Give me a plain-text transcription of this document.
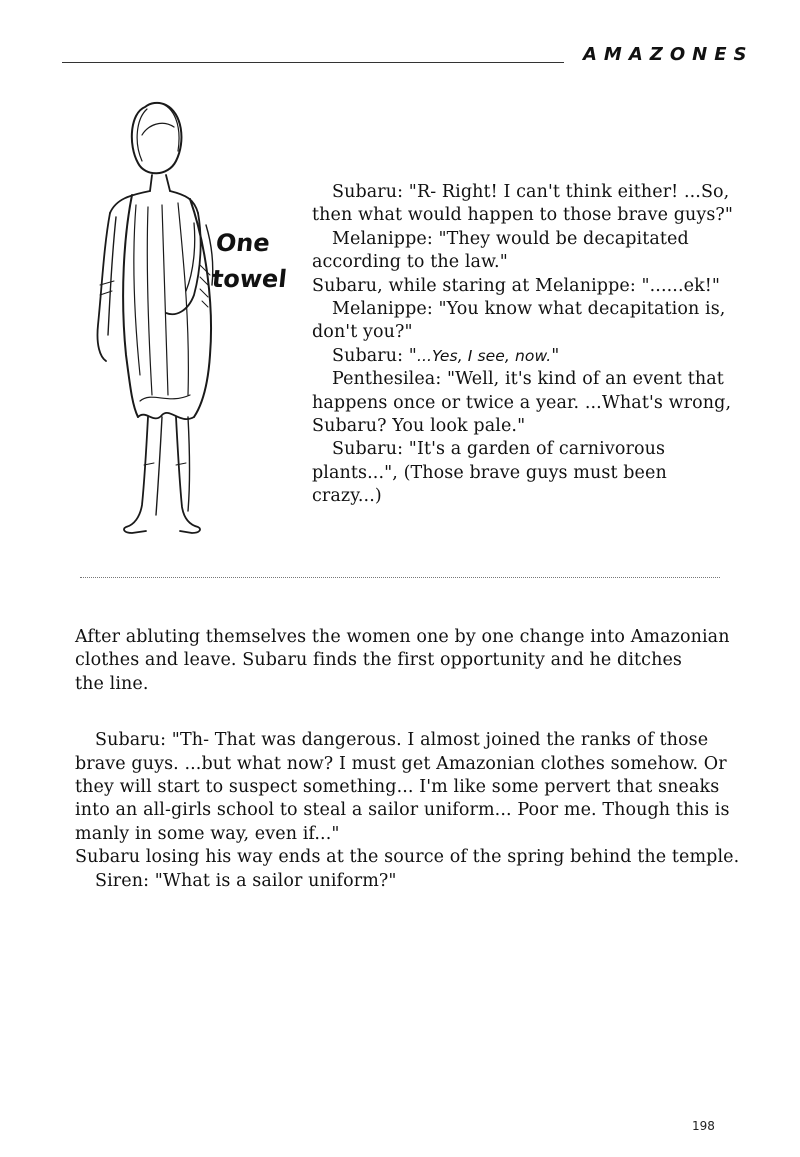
AMAZONES
One
towel

Subaru: "R- Right! I can't think either! ...So,

then what would happen to those brave guys?"

Melanippe: "They would be decapitated

according to the law."

Subaru, while staring at Melanippe: "......ek!"

Melanippe: "You know what decapitation is,

don't you?"

Subaru: "...Yes, I see, now."

Penthesilea: "Well, it's kind of an event that

happens once or twice a year. ...What's wrong,

Subaru? You look pale."

Subaru: "It's a garden of carnivorous

plants...", (Those brave guys must been

crazy...)

After abluting themselves the women one by one change into Amazonian

clothes and leave. Subaru finds the first opportunity and he ditches

the line.

Subaru: "Th- That was dangerous. I almost joined the ranks of those

brave guys. ...but what now? I must get Amazonian clothes somehow. Or

they will start to suspect something... I'm like some pervert that sneaks

into an all-girls school to steal a sailor uniform... Poor me. Though this is

manly in some way, even if..."

Subaru losing his way ends at the source of the spring behind the temple.

Siren: "What is a sailor uniform?"

198
